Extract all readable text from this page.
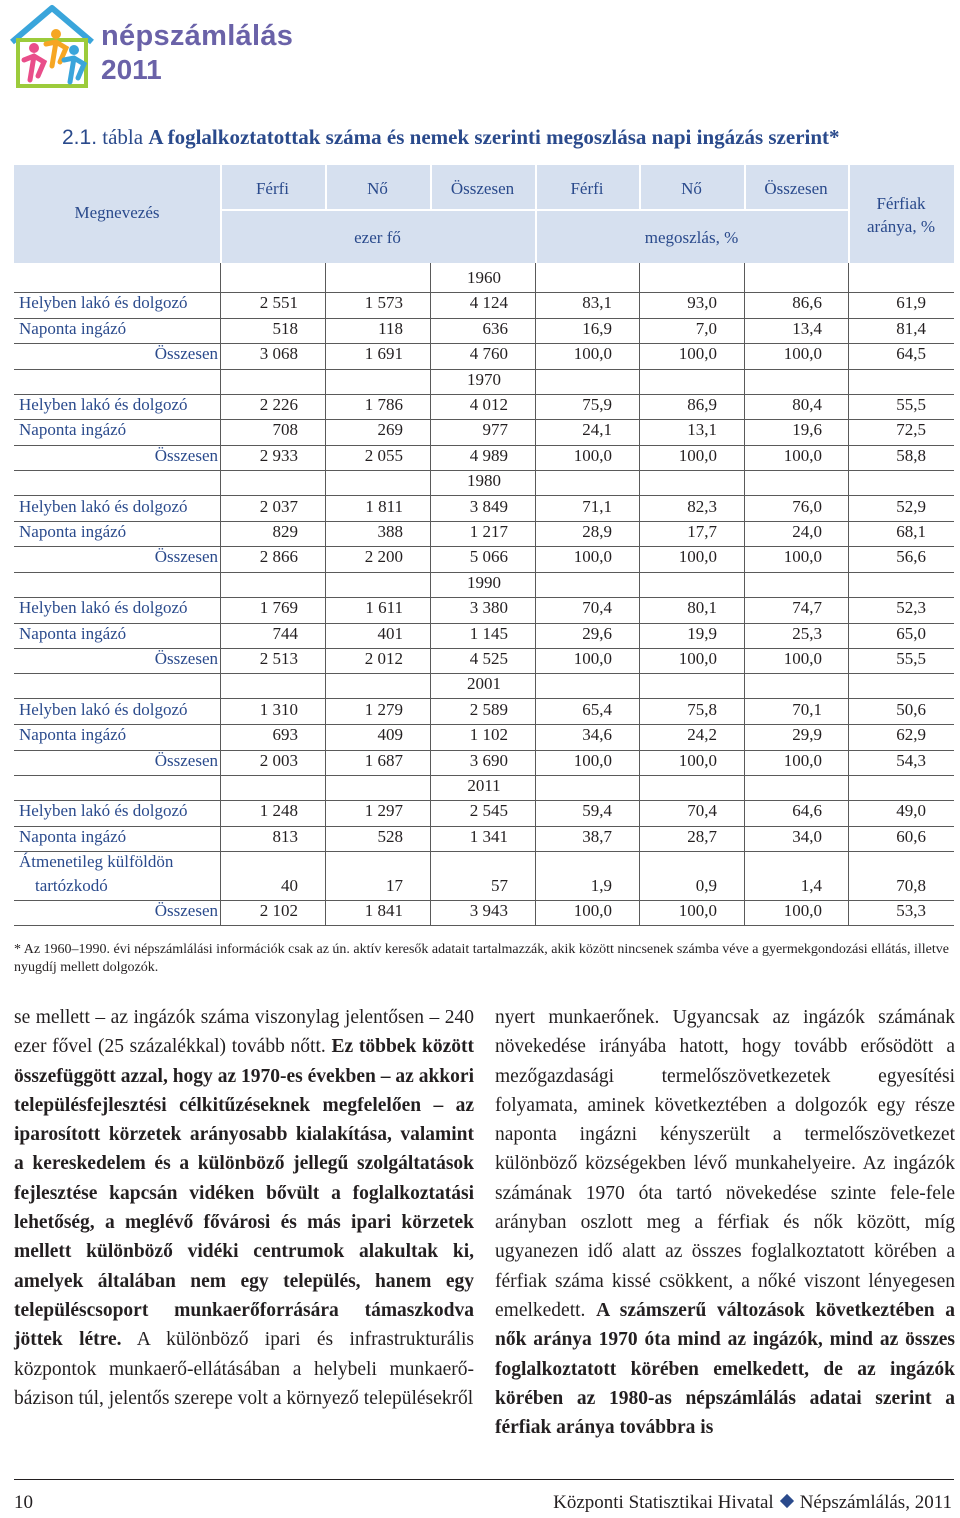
népszámlálás
2011
2.1. tábla A foglalkoztatottak száma és nemek szerinti megoszlása napi ingázás szerint*
Megnevezés
Férfi	Nő	Összesen	Férfi	Nő	Összesen
ezer fő	megoszlás, %
Férfiak
aránya, %
1960
Helyben lakó és dolgozó	2 551	1 573	4 124	83,1	93,0	86,6	61,9
Naponta ingázó	518	118	636	16,9	7,0	13,4	81,4
Összesen 3 068	1 691	4 760	100,0	100,0	100,0	64,5
1970
Helyben lakó és dolgozó	2 226	1 786	4 012	75,9	86,9	80,4	55,5
Naponta ingázó	708	269	977	24,1	13,1	19,6	72,5
Összesen 2 933	2 055	4 989	100,0	100,0	100,0	58,8
1980
Helyben lakó és dolgozó	2 037	1 811	3 849	71,1	82,3	76,0	52,9
Naponta ingázó	829	388	1 217	28,9	17,7	24,0	68,1
Összesen 2 866	2 200	5 066	100,0	100,0	100,0	56,6
1990
Helyben lakó és dolgozó	1 769	1 611	3 380	70,4	80,1	74,7	52,3
Naponta ingázó	744	401	1 145	29,6	19,9	25,3	65,0
Összesen 2 513	2 012	4 525	100,0	100,0	100,0	55,5
2001
Helyben lakó és dolgozó	1 310	1 279	2 589	65,4	75,8	70,1	50,6
Naponta ingázó	693	409	1 102	34,6	24,2	29,9	62,9
Összesen 2 003	1 687	3 690	100,0	100,0	100,0	54,3
2011
Helyben lakó és dolgozó	1 248	1 297	2 545	59,4	70,4	64,6	49,0
Naponta ingázó	813	528	1 341	38,7	28,7	34,0	60,6
Átmenetileg külföldön
tartózkodó	40	17	57	1,9	0,9	1,4	70,8
Összesen 2 102	1 841	3 943	100,0	100,0	100,0	53,3
* Az 1960–1990. évi népszámlálási információk csak az ún. aktív keresők adatait tartalmazzák, akik között nincsenek számba véve a gyermekgondozási ellátás, illetve nyugdíj mellett dolgozók.
se mellett – az ingázók száma viszonylag jelentősen – 240 ezer fővel (25 százalékkal) tovább nőtt. Ez többek között összefüggött azzal, hogy az 1970-es években – az akkori településfejlesztési célkitűzéseknek megfelelően – az iparosított körzetek arányosabb kialakítása, valamint a kereskedelem és a különböző jellegű szolgáltatások fejlesztése kapcsán vidéken bővült a foglalkoztatási lehetőség, a meglévő fővárosi és más ipari körzetek mellett különböző vidéki centrumok alakultak ki, amelyek általában nem egy település, hanem egy településcsoport munkaerőforrására támaszkodva jöttek létre. A különböző ipari és infrastrukturális központok munkaerő-ellátásában a helybeli munkaerő-bázison túl, jelentős szerepe volt a környező településekről
nyert munkaerőnek. Ugyancsak az ingázók számának növekedése irányába hatott, hogy tovább erősödött a mezőgazdasági termelőszövetkezetek egyesítési folyamata, aminek következtében a dolgozók egy része naponta ingázni kényszerült a termelőszövetkezet különböző községekben lévő munkahelyeire. Az ingázók számának 1970 óta tartó növekedése szinte fele-fele arányban oszlott meg a férfiak és nők között, míg ugyanezen idő alatt az összes foglalkoztatott körében a férfiak száma kissé csökkent, a nőké viszont lényegesen emelkedett. A számszerű változások következtében a nők aránya 1970 óta mind az ingázók, mind az összes foglalkoztatott körében emelkedett, de az ingázók körében az 1980-as népszámlálás adatai szerint a férfiak aránya továbbra is
10	Központi Statisztikai Hivatal Népszámlálás, 2011
